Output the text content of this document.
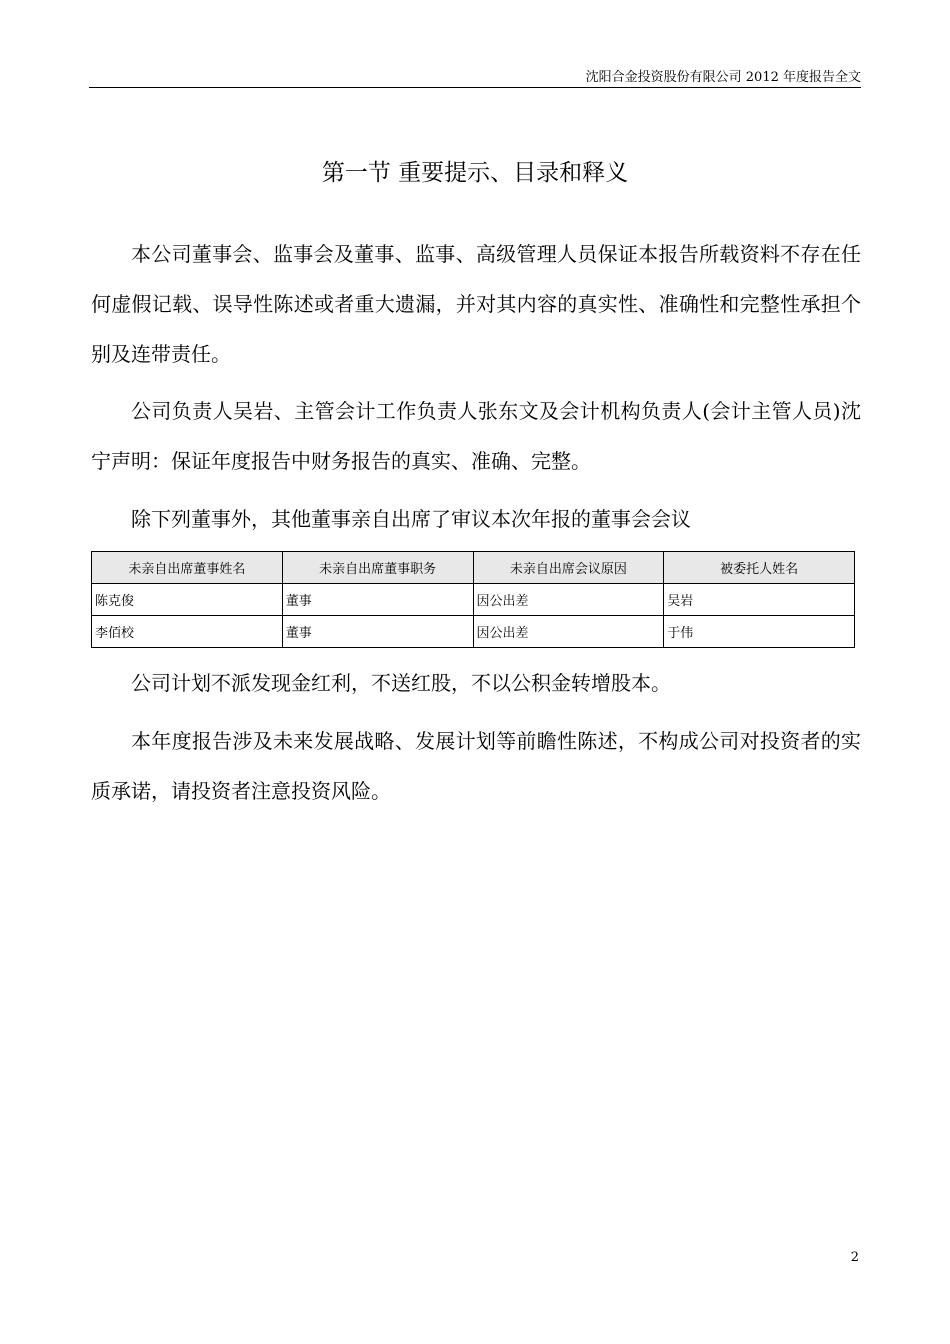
沈阳合金投资股份有限公司 2012 年度报告全文
第一节 重要提示、目录和释义

本公司董事会、监事会及董事、监事、高级管理人员保证本报告所载资料不存在任何虚假记载、误导性陈述或者重大遗漏，并对其内容的真实性、准确性和完整性承担个别及连带责任。

公司负责人吴岩、主管会计工作负责人张东文及会计机构负责人(会计主管人员)沈宁声明：保证年度报告中财务报告的真实、准确、完整。

除下列董事外，其他董事亲自出席了审议本次年报的董事会会议

未亲自出席董事姓名	未亲自出席董事职务	未亲自出席会议原因	被委托人姓名
陈克俊	董事	因公出差	吴岩
李佰校	董事	因公出差	于伟

公司计划不派发现金红利，不送红股，不以公积金转增股本。

本年度报告涉及未来发展战略、发展计划等前瞻性陈述，不构成公司对投资者的实质承诺，请投资者注意投资风险。

2
